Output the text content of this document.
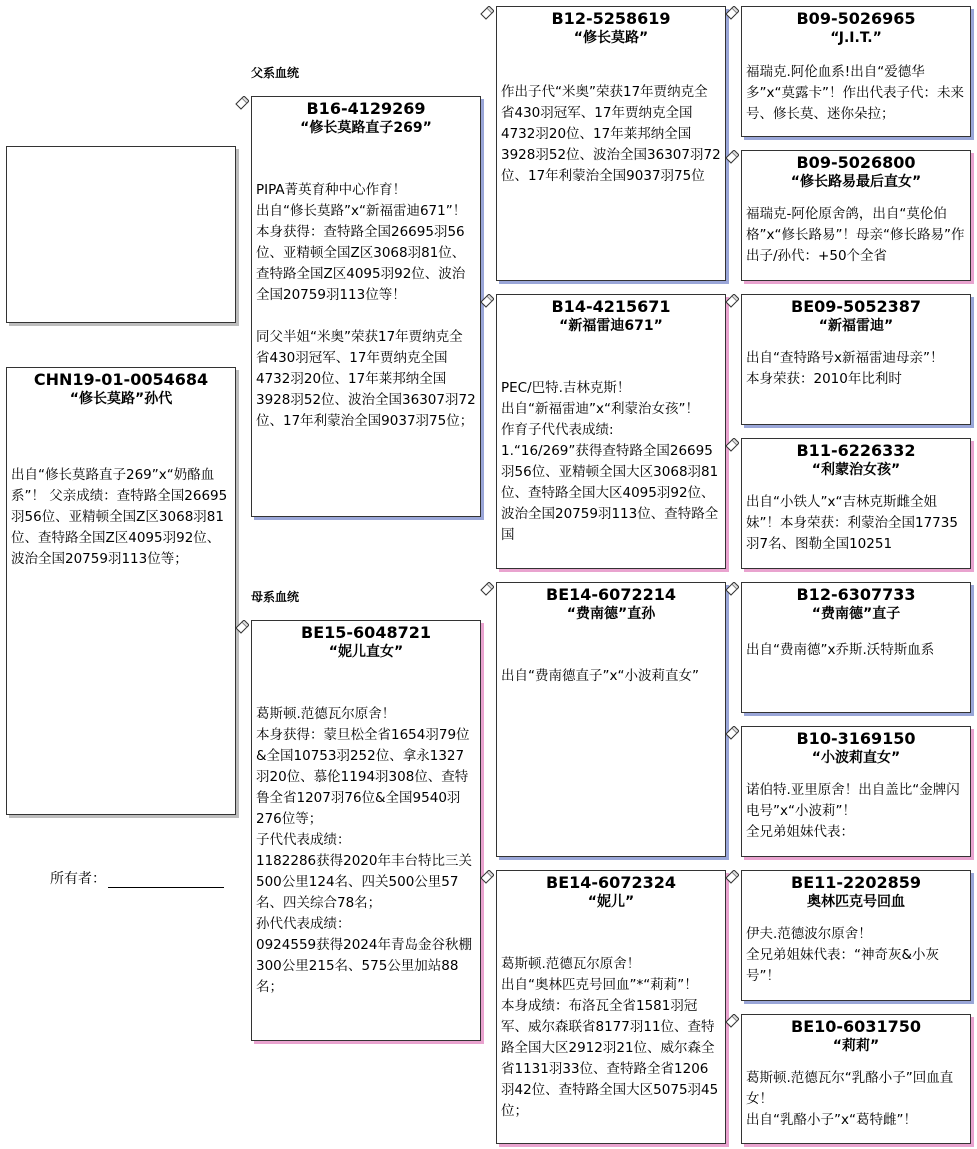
CHN19-01-0054684
“修长莫路”孙代
出自“修长莫路直子269”x“奶酪血系”！ 父亲成绩：查特路全国26695羽56位、亚精顿全国Z区3068羽81位、查特路全国Z区4095羽92位、波治全国20759羽113位等；
所有者：
父系血统
母系血统
B16-4129269
“修长莫路直子269”
PIPA菁英育种中心作育！
出自“修长莫路”x“新福雷迪671”！
本身获得：查特路全国26695羽56位、亚精顿全国Z区3068羽81位、查特路全国Z区4095羽92位、波治全国20759羽113位等！

同父半姐“米奥”荣获17年贾纳克全省430羽冠军、17年贾纳克全国4732羽20位、17年莱邦纳全国3928羽52位、波治全国36307羽72位、17年利蒙治全国9037羽75位；
BE15-6048721
“妮儿直女”
葛斯顿.范德瓦尔原舍！
本身获得：蒙旦松全省1654羽79位&全国10753羽252位、拿永1327羽20位、慕伦1194羽308位、查特鲁全省1207羽76位&全国9540羽276位等；
子代代表成绩：
1182286获得2020年丰台特比三关500公里124名、四关500公里57名、四关综合78名；
孙代代表成绩：
0924559获得2024年青岛金谷秋棚300公里215名、575公里加站88名；
B12-5258619
“修长莫路”
作出子代“米奥”荣获17年贾纳克全省430羽冠军、17年贾纳克全国4732羽20位、17年莱邦纳全国3928羽52位、波治全国36307羽72位、17年利蒙治全国9037羽75位
B14-4215671
“新福雷迪671”
PEC/巴特.吉林克斯！
出自“新福雷迪”x“利蒙治女孩”！
作育子代代表成绩:
1.“16/269”获得查特路全国26695羽56位、亚精顿全国大区3068羽81位、查特路全国大区4095羽92位、波治全国20759羽113位、查特路全国
BE14-6072214
“费南德”直孙
出自“费南德直子”x“小波莉直女”
BE14-6072324
“妮儿”
葛斯顿.范德瓦尔原舍！
出自“奥林匹克号回血”*“莉莉”！
本身成绩：布洛瓦全省1581羽冠军、威尔森联省8177羽11位、查特路全国大区2912羽21位、威尔森全省1131羽33位、查特路全省1206羽42位、查特路全国大区5075羽45位；
B09-5026965
“J.I.T.”
福瑞克.阿伦血系!出自“爱德华多”x“莫露卡”！作出代表子代：未来号、修长莫、迷你朵拉；
B09-5026800
“修长路易最后直女”
福瑞克-阿伦原舍鸽，出自“莫伦伯格”x“修长路易”！母亲“修长路易”作出子/孙代：+50个全省
BE09-5052387
“新福雷迪”
出自“查特路号x新福雷迪母亲”！
本身荣获：2010年比利时
B11-6226332
“利蒙治女孩”
出自“小铁人”x“吉林克斯雌全姐妹”！本身荣获：利蒙治全国17735羽7名、图勒全国10251
B12-6307733
“费南德”直子
出自“费南德”x乔斯.沃特斯血系
B10-3169150
“小波莉直女”
诺伯特.亚里原舍！出自盖比“金牌闪电号”x“小波莉”！
全兄弟姐妹代表：
BE11-2202859
奥林匹克号回血
伊夫.范德波尔原舍！
全兄弟姐妹代表：“神奇灰&小灰号”！
BE10-6031750
“莉莉”
葛斯顿.范德瓦尔“乳酪小子”回血直女！
出自“乳酪小子”x“葛特雌”！
